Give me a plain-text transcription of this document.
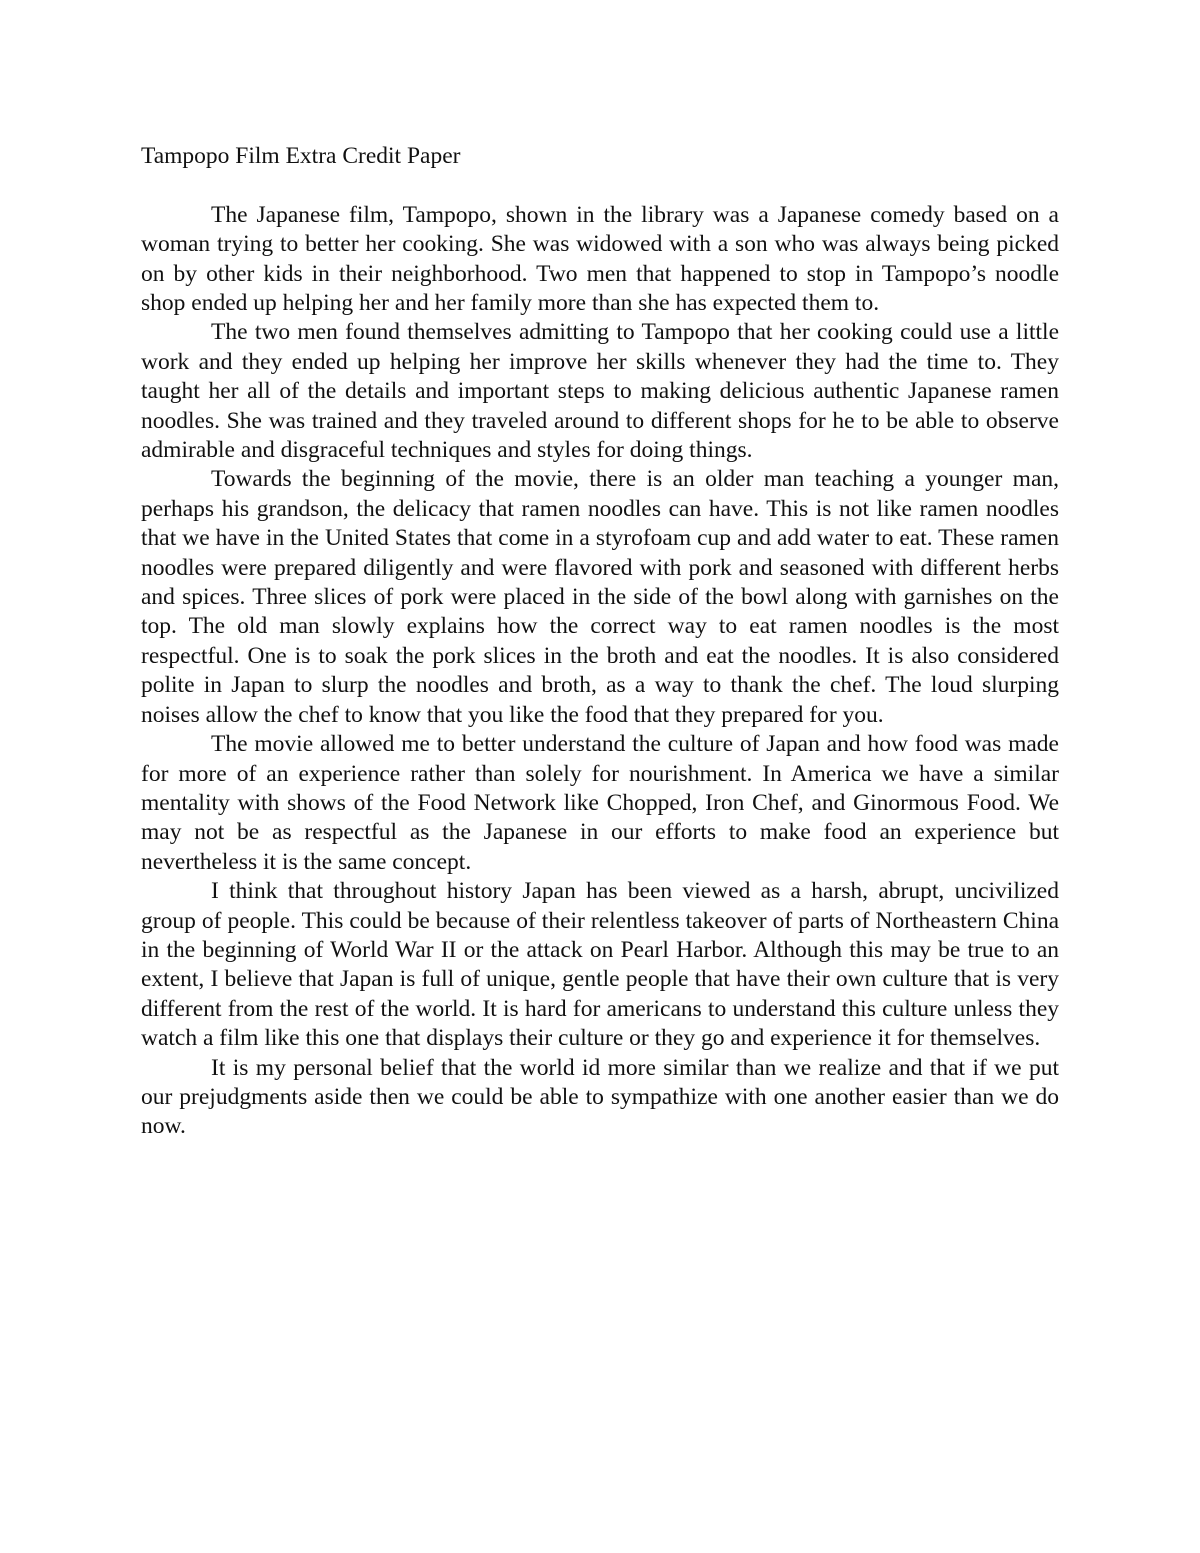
Tampopo Film Extra Credit Paper

The Japanese film, Tampopo, shown in the library was a Japanese comedy based on a woman trying to better her cooking. She was widowed with a son who was always being picked on by other kids in their neighborhood. Two men that happened to stop in Tampopo’s noodle shop ended up helping her and her family more than she has expected them to.

The two men found themselves admitting to Tampopo that her cooking could use a little work and they ended up helping her improve her skills whenever they had the time to. They taught her all of the details and important steps to making delicious authentic Japanese ramen noodles. She was trained and they traveled around to different shops for he to be able to observe admirable and disgraceful techniques and styles for doing things.

Towards the beginning of the movie, there is an older man teaching a younger man, perhaps his grandson, the delicacy that ramen noodles can have. This is not like ramen noodles that we have in the United States that come in a styrofoam cup and add water to eat. These ramen noodles were prepared diligently and were flavored with pork and seasoned with different herbs and spices. Three slices of pork were placed in the side of the bowl along with garnishes on the top. The old man slowly explains how the correct way to eat ramen noodles is the most respectful. One is to soak the pork slices in the broth and eat the noodles. It is also considered polite in Japan to slurp the noodles and broth, as a way to thank the chef. The loud slurping noises allow the chef to know that you like the food that they prepared for you.

The movie allowed me to better understand the culture of Japan and how food was made for more of an experience rather than solely for nourishment. In America we have a similar mentality with shows of the Food Network like Chopped, Iron Chef, and Ginormous Food. We may not be as respectful as the Japanese in our efforts to make food an experience but nevertheless it is the same concept.

I think that throughout history Japan has been viewed as a harsh, abrupt, uncivilized group of people. This could be because of their relentless takeover of parts of Northeastern China in the beginning of World War II or the attack on Pearl Harbor. Although this may be true to an extent, I believe that Japan is full of unique, gentle people that have their own culture that is very different from the rest of the world. It is hard for americans to understand this culture unless they watch a film like this one that displays their culture or they go and experience it for themselves.

It is my personal belief that the world id more similar than we realize and that if we put our prejudgments aside then we could be able to sympathize with one another easier than we do now.
